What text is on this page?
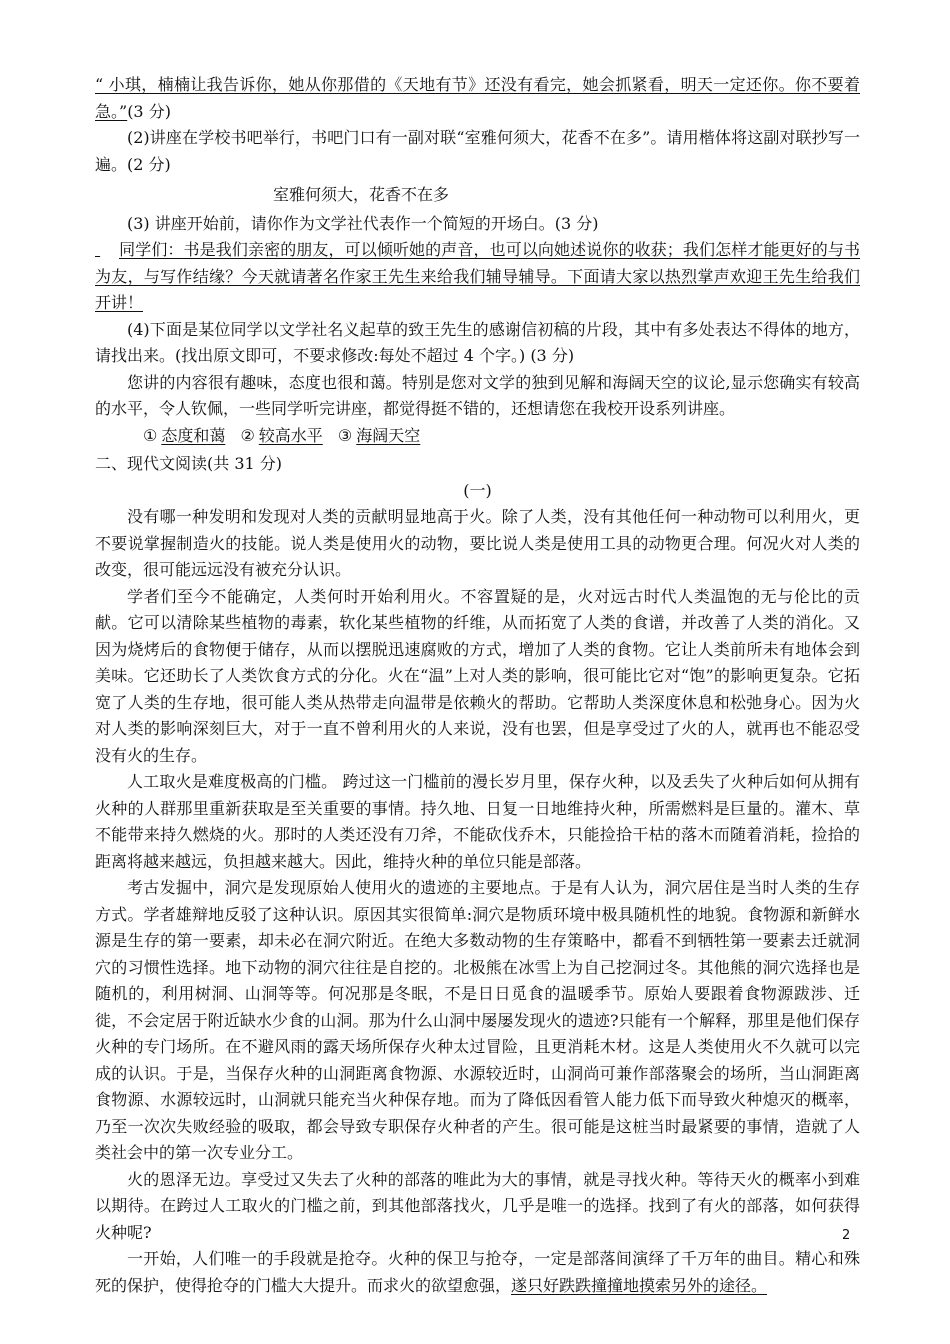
“ 小琪，楠楠让我告诉你，她从你那借的《天地有节》还没有看完，她会抓紧看，明天一定还你。你不要着急。”(3 分)

(2)讲座在学校书吧举行，书吧门口有一副对联“室雅何须大，花香不在多”。请用楷体将这副对联抄写一遍。(2 分)

室雅何须大，花香不在多

(3) 讲座开始前，请你作为文学社代表作一个简短的开场白。(3 分)

同学们：书是我们亲密的朋友，可以倾听她的声音，也可以向她述说你的收获；我们怎样才能更好的与书为友，与写作结缘？今天就请著名作家王先生来给我们辅导辅导。下面请大家以热烈掌声欢迎王先生给我们开讲！

(4)下面是某位同学以文学社名义起草的致王先生的感谢信初稿的片段，其中有多处表达不得体的地方，请找出来。(找出原文即可，不要求修改:每处不超过 4 个字。) (3 分)

您讲的内容很有趣味，态度也很和蔼。特别是您对文学的独到见解和海阔天空的议论,显示您确实有较高的水平，令人钦佩，一些同学听完讲座，都觉得挺不错的，还想请您在我校开设系列讲座。

① 态度和蔼 ② 较高水平 ③ 海阔天空

二、现代文阅读(共 31 分)

(一)

没有哪一种发明和发现对人类的贡献明显地高于火。除了人类，没有其他任何一种动物可以利用火，更不要说掌握制造火的技能。说人类是使用火的动物，要比说人类是使用工具的动物更合理。何况火对人类的改变，很可能远远没有被充分认识。

学者们至今不能确定，人类何时开始利用火。不容置疑的是，火对远古时代人类温饱的无与伦比的贡献。它可以清除某些植物的毒素，软化某些植物的纤维，从而拓宽了人类的食谱，并改善了人类的消化。又因为烧烤后的食物便于储存，从而以摆脱迅速腐败的方式，增加了人类的食物。它让人类前所未有地体会到美味。它还助长了人类饮食方式的分化。火在“温”上对人类的影响，很可能比它对“饱”的影响更复杂。它拓宽了人类的生存地，很可能人类从热带走向温带是依赖火的帮助。它帮助人类深度休息和松弛身心。因为火对人类的影响深刻巨大，对于一直不曾利用火的人来说，没有也罢，但是享受过了火的人，就再也不能忍受没有火的生存。

人工取火是难度极高的门槛。 跨过这一门槛前的漫长岁月里，保存火种，以及丢失了火种后如何从拥有火种的人群那里重新获取是至关重要的事情。持久地、日复一日地维持火种，所需燃料是巨量的。灌木、草不能带来持久燃烧的火。那时的人类还没有刀斧，不能砍伐乔木，只能捡拾干枯的落木而随着消耗，捡拾的距离将越来越远，负担越来越大。因此，维持火种的单位只能是部落。

考古发掘中，洞穴是发现原始人使用火的遗迹的主要地点。于是有人认为，洞穴居住是当时人类的生存方式。学者雄辩地反驳了这种认识。原因其实很简单:洞穴是物质环境中极具随机性的地貌。食物源和新鲜水源是生存的第一要素，却未必在洞穴附近。在绝大多数动物的生存策略中，都看不到牺牲第一要素去迁就洞穴的习惯性选择。地下动物的洞穴往往是自挖的。北极熊在冰雪上为自己挖洞过冬。其他熊的洞穴选择也是随机的，利用树洞、山洞等等。何况那是冬眠，不是日日觅食的温暖季节。原始人要跟着食物源跋涉、迁徙，不会定居于附近缺水少食的山洞。那为什么山洞中屡屡发现火的遗迹?只能有一个解释，那里是他们保存火种的专门场所。在不避风雨的露天场所保存火种太过冒险，且更消耗木材。这是人类使用火不久就可以完成的认识。于是，当保存火种的山洞距离食物源、水源较近时，山洞尚可兼作部落聚会的场所，当山洞距离食物源、水源较远时，山洞就只能充当火种保存地。而为了降低因看管人能力低下而导致火种熄灭的概率，乃至一次次失败经验的吸取，都会导致专职保存火种者的产生。很可能是这桩当时最紧要的事情，造就了人类社会中的第一次专业分工。

火的恩泽无边。享受过又失去了火种的部落的唯此为大的事情，就是寻找火种。等待天火的概率小到难以期待。在跨过人工取火的门槛之前，到其他部落找火，几乎是唯一的选择。找到了有火的部落，如何获得火种呢?

一开始，人们唯一的手段就是抢夺。火种的保卫与抢夺，一定是部落间演绎了千万年的曲目。精心和殊死的保护，使得抢夺的门槛大大提升。而求火的欲望愈强，遂只好跌跌撞撞地摸索另外的途径。

2
